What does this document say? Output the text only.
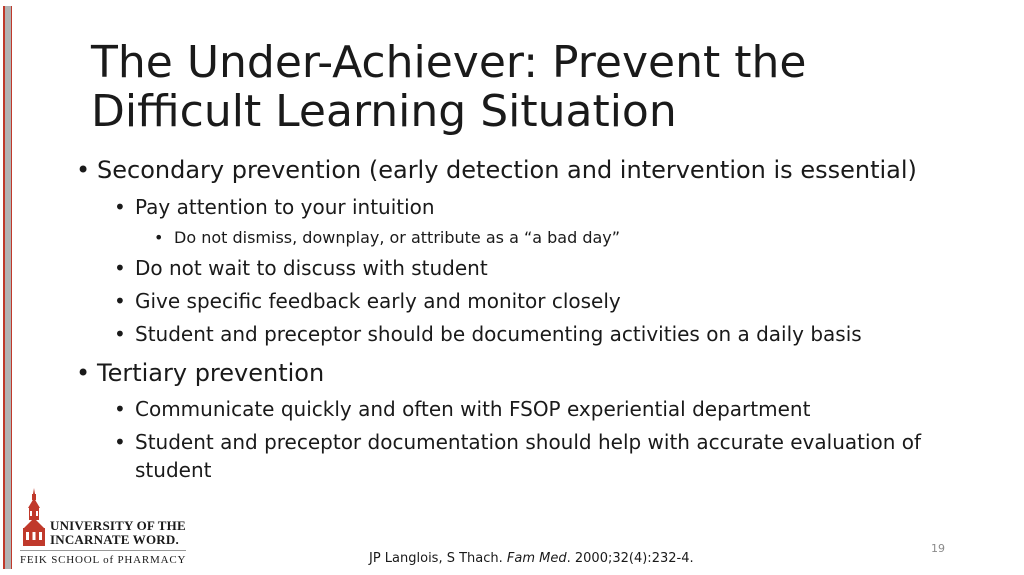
The Under-Achiever: Prevent the
Difficult Learning Situation
• Secondary prevention (early detection and intervention is essential)
• Pay attention to your intuition
• Do not dismiss, downplay, or attribute as a “a bad day”
• Do not wait to discuss with student
• Give specific feedback early and monitor closely
• Student and preceptor should be documenting activities on a daily basis
• Tertiary prevention
• Communicate quickly and often with FSOP experiential department
• Student and preceptor documentation should help with accurate evaluation of
student
UNIVERSITY OF THE
INCARNATE WORD.
FEIK SCHOOL of PHARMACY
19
JP Langlois, S Thach. Fam Med. 2000;32(4):232-4.
